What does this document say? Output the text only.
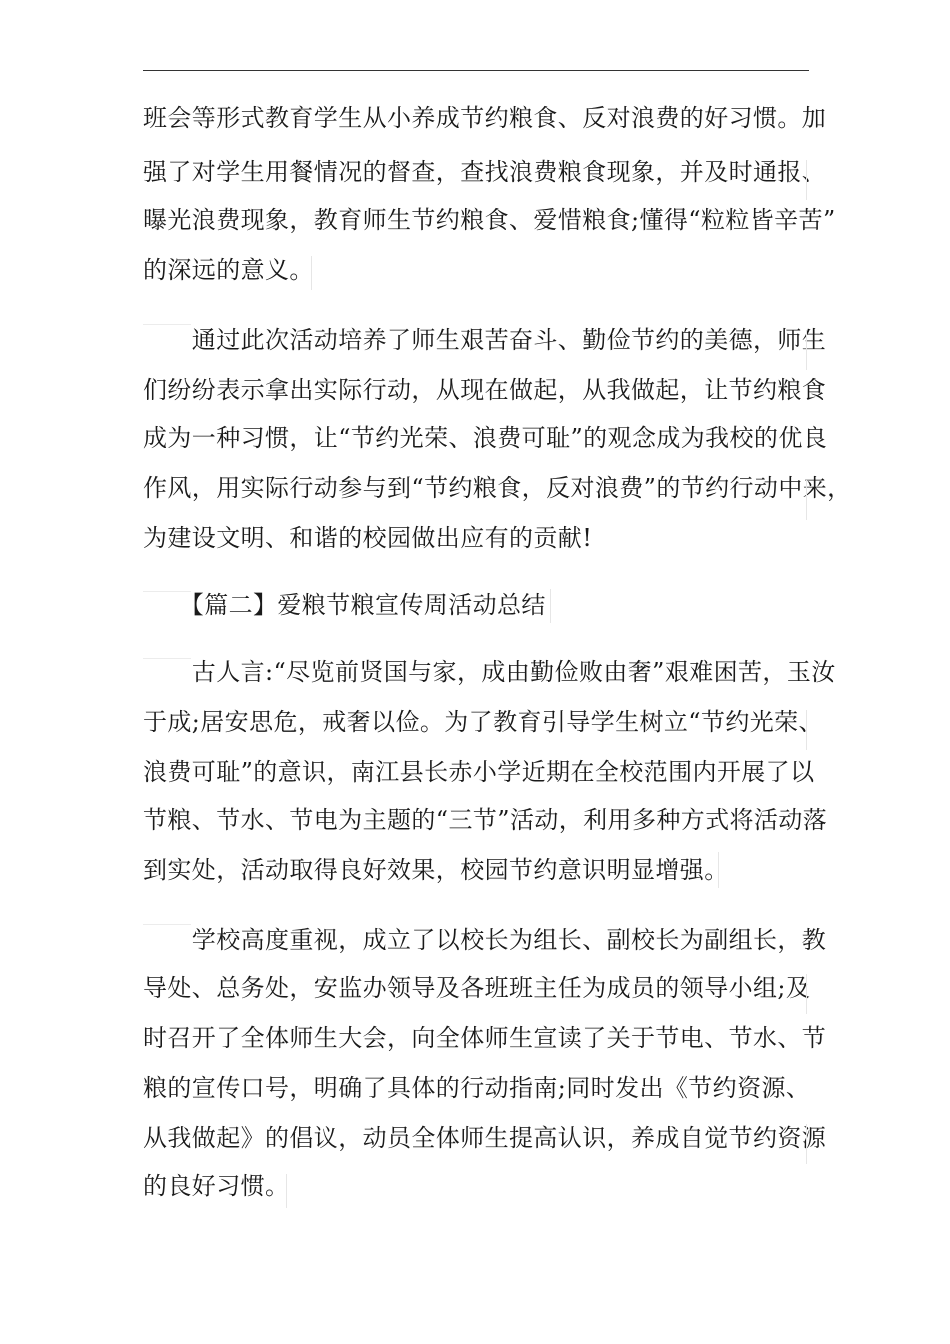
班会等形式教育学生从小养成节约粮食、反对浪费的好习惯。加
强了对学生用餐情况的督查，查找浪费粮食现象，并及时通报、
曝光浪费现象，教育师生节约粮食、爱惜粮食;懂得“粒粒皆辛苦”
的深远的意义。
　　通过此次活动培养了师生艰苦奋斗、勤俭节约的美德，师生
们纷纷表示拿出实际行动，从现在做起，从我做起，让节约粮食
成为一种习惯，让“节约光荣、浪费可耻”的观念成为我校的优良
作风，用实际行动参与到“节约粮食，反对浪费”的节约行动中来，
为建设文明、和谐的校园做出应有的贡献!
　　【篇二】爱粮节粮宣传周活动总结
　　古人言:“尽览前贤国与家，成由勤俭败由奢”艰难困苦，玉汝
于成;居安思危，戒奢以俭。为了教育引导学生树立“节约光荣、
浪费可耻”的意识，南江县长赤小学近期在全校范围内开展了以
节粮、节水、节电为主题的“三节”活动，利用多种方式将活动落
到实处，活动取得良好效果，校园节约意识明显增强。
　　学校高度重视，成立了以校长为组长、副校长为副组长，教
导处、总务处，安监办领导及各班班主任为成员的领导小组;及
时召开了全体师生大会，向全体师生宣读了关于节电、节水、节
粮的宣传口号，明确了具体的行动指南;同时发出《节约资源、
从我做起》的倡议，动员全体师生提高认识，养成自觉节约资源
的良好习惯。
